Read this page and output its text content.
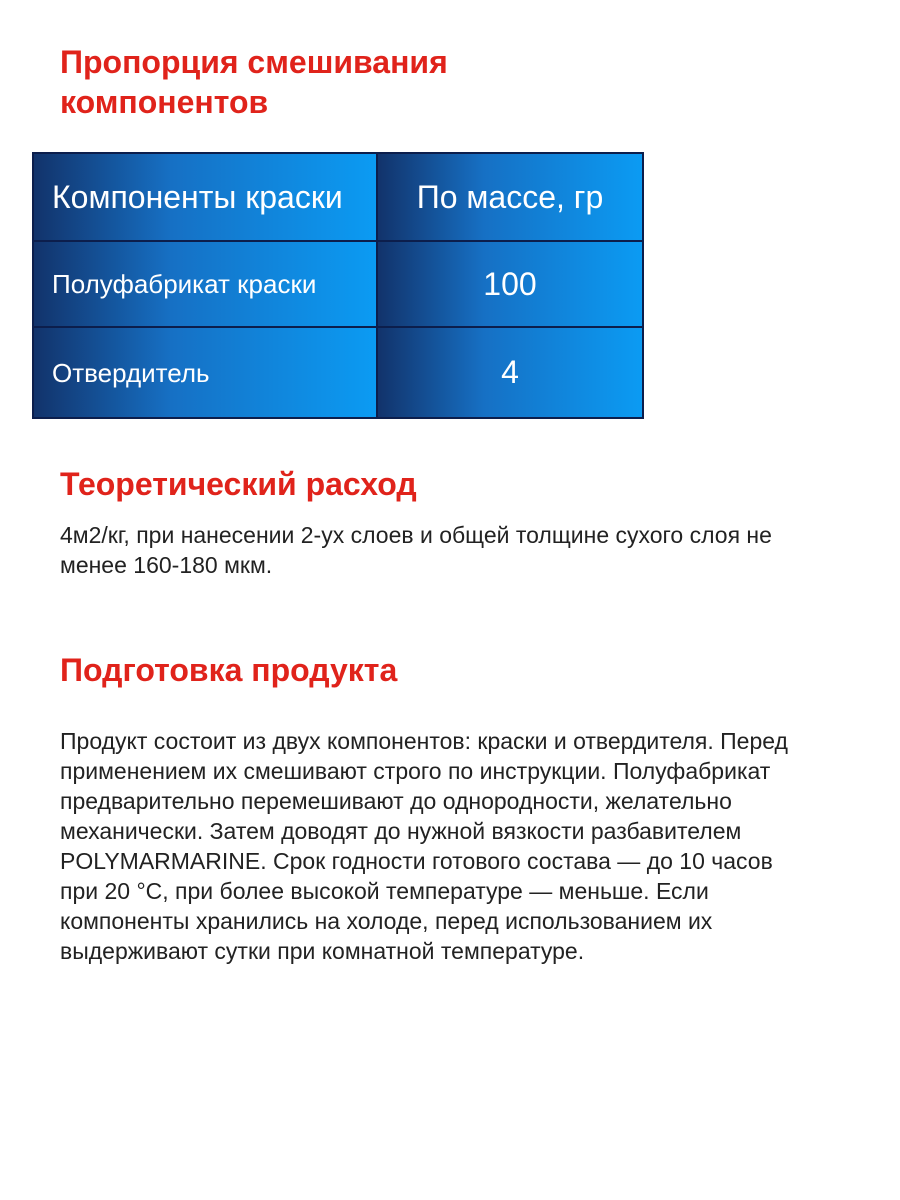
Пропорция смешивания компонентов
Компоненты краски	По массе, гр
Полуфабрикат краски	100
Отвердитель	4
Теоретический расход

4м2/кг, при нанесении 2-ух слоев и общей толщине сухого слоя не менее 160-180 мкм.

Подготовка продукта

Продукт состоит из двух компонентов: краски и отвердителя. Перед применением их смешивают строго по инструкции. Полуфабрикат предварительно перемешивают до однородности, желательно механически. Затем доводят до нужной вязкости разбавителем POLYMARMARINE. Срок годности готового состава — до 10 часов при 20 °C, при более высокой температуре — меньше. Если компоненты хранились на холоде, перед использованием их выдерживают сутки при комнатной температуре.
